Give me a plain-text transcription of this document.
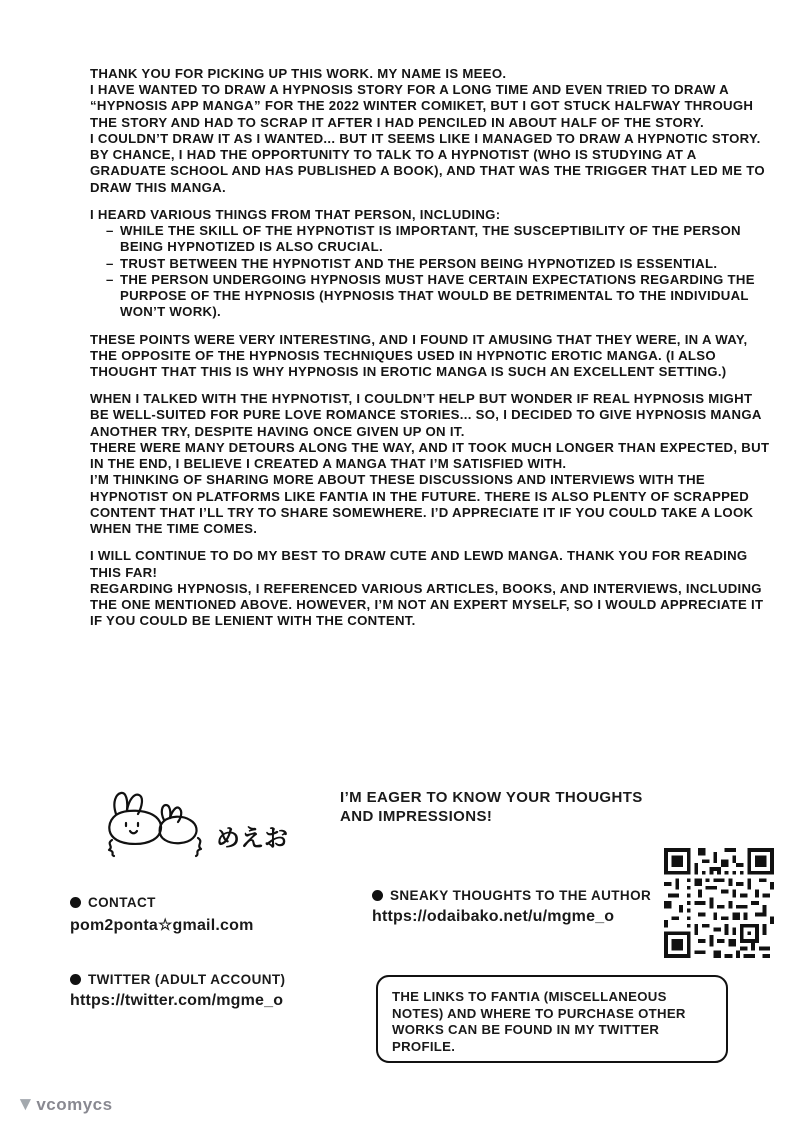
THANK YOU FOR PICKING UP THIS WORK. MY NAME IS MEEO.

I HAVE WANTED TO DRAW A HYPNOSIS STORY FOR A LONG TIME AND EVEN TRIED TO DRAW A “HYPNOSIS APP MANGA” FOR THE 2022 WINTER COMIKET, BUT I GOT STUCK HALFWAY THROUGH THE STORY AND HAD TO SCRAP IT AFTER I HAD PENCILED IN ABOUT HALF OF THE STORY.

I COULDN’T DRAW IT AS I WANTED... BUT IT SEEMS LIKE I MANAGED TO DRAW A HYPNOTIC STORY. BY CHANCE, I HAD THE OPPORTUNITY TO TALK TO A HYPNOTIST (WHO IS STUDYING AT A GRADUATE SCHOOL AND HAS PUBLISHED A BOOK), AND THAT WAS THE TRIGGER THAT LED ME TO DRAW THIS MANGA.

I HEARD VARIOUS THINGS FROM THAT PERSON, INCLUDING:

– WHILE THE SKILL OF THE HYPNOTIST IS IMPORTANT, THE SUSCEPTIBILITY OF THE PERSON BEING HYPNOTIZED IS ALSO CRUCIAL.
– TRUST BETWEEN THE HYPNOTIST AND THE PERSON BEING HYPNOTIZED IS ESSENTIAL.
– THE PERSON UNDERGOING HYPNOSIS MUST HAVE CERTAIN EXPECTATIONS REGARDING THE PURPOSE OF THE HYPNOSIS (HYPNOSIS THAT WOULD BE DETRIMENTAL TO THE INDIVIDUAL WON’T WORK).

THESE POINTS WERE VERY INTERESTING, AND I FOUND IT AMUSING THAT THEY WERE, IN A WAY, THE OPPOSITE OF THE HYPNOSIS TECHNIQUES USED IN HYPNOTIC EROTIC MANGA. (I ALSO THOUGHT THAT THIS IS WHY HYPNOSIS IN EROTIC MANGA IS SUCH AN EXCELLENT SETTING.)

WHEN I TALKED WITH THE HYPNOTIST, I COULDN’T HELP BUT WONDER IF REAL HYPNOSIS MIGHT BE WELL-SUITED FOR PURE LOVE ROMANCE STORIES... SO, I DECIDED TO GIVE HYPNOSIS MANGA ANOTHER TRY, DESPITE HAVING ONCE GIVEN UP ON IT.

THERE WERE MANY DETOURS ALONG THE WAY, AND IT TOOK MUCH LONGER THAN EXPECTED, BUT IN THE END, I BELIEVE I CREATED A MANGA THAT I’M SATISFIED WITH.

I’M THINKING OF SHARING MORE ABOUT THESE DISCUSSIONS AND INTERVIEWS WITH THE HYPNOTIST ON PLATFORMS LIKE FANTIA IN THE FUTURE. THERE IS ALSO PLENTY OF SCRAPPED CONTENT THAT I’LL TRY TO SHARE SOMEWHERE. I’D APPRECIATE IT IF YOU COULD TAKE A LOOK WHEN THE TIME COMES.

I WILL CONTINUE TO DO MY BEST TO DRAW CUTE AND LEWD MANGA. THANK YOU FOR READING THIS FAR!

REGARDING HYPNOSIS, I REFERENCED VARIOUS ARTICLES, BOOKS, AND INTERVIEWS, INCLUDING THE ONE MENTIONED ABOVE. HOWEVER, I’M NOT AN EXPERT MYSELF, SO I WOULD APPRECIATE IT IF YOU COULD BE LENIENT WITH THE CONTENT.

めえお
I’M EAGER TO KNOW YOUR THOUGHTS AND IMPRESSIONS!
CONTACT
pom2ponta☆gmail.com
TWITTER (ADULT ACCOUNT)
https://twitter.com/mgme_o
SNEAKY THOUGHTS TO THE AUTHOR
https://odaibako.net/u/mgme_o
THE LINKS TO FANTIA (MISCELLANEOUS NOTES) AND WHERE TO PURCHASE OTHER WORKS CAN BE FOUND IN MY TWITTER PROFILE.
▼ vcomycs
